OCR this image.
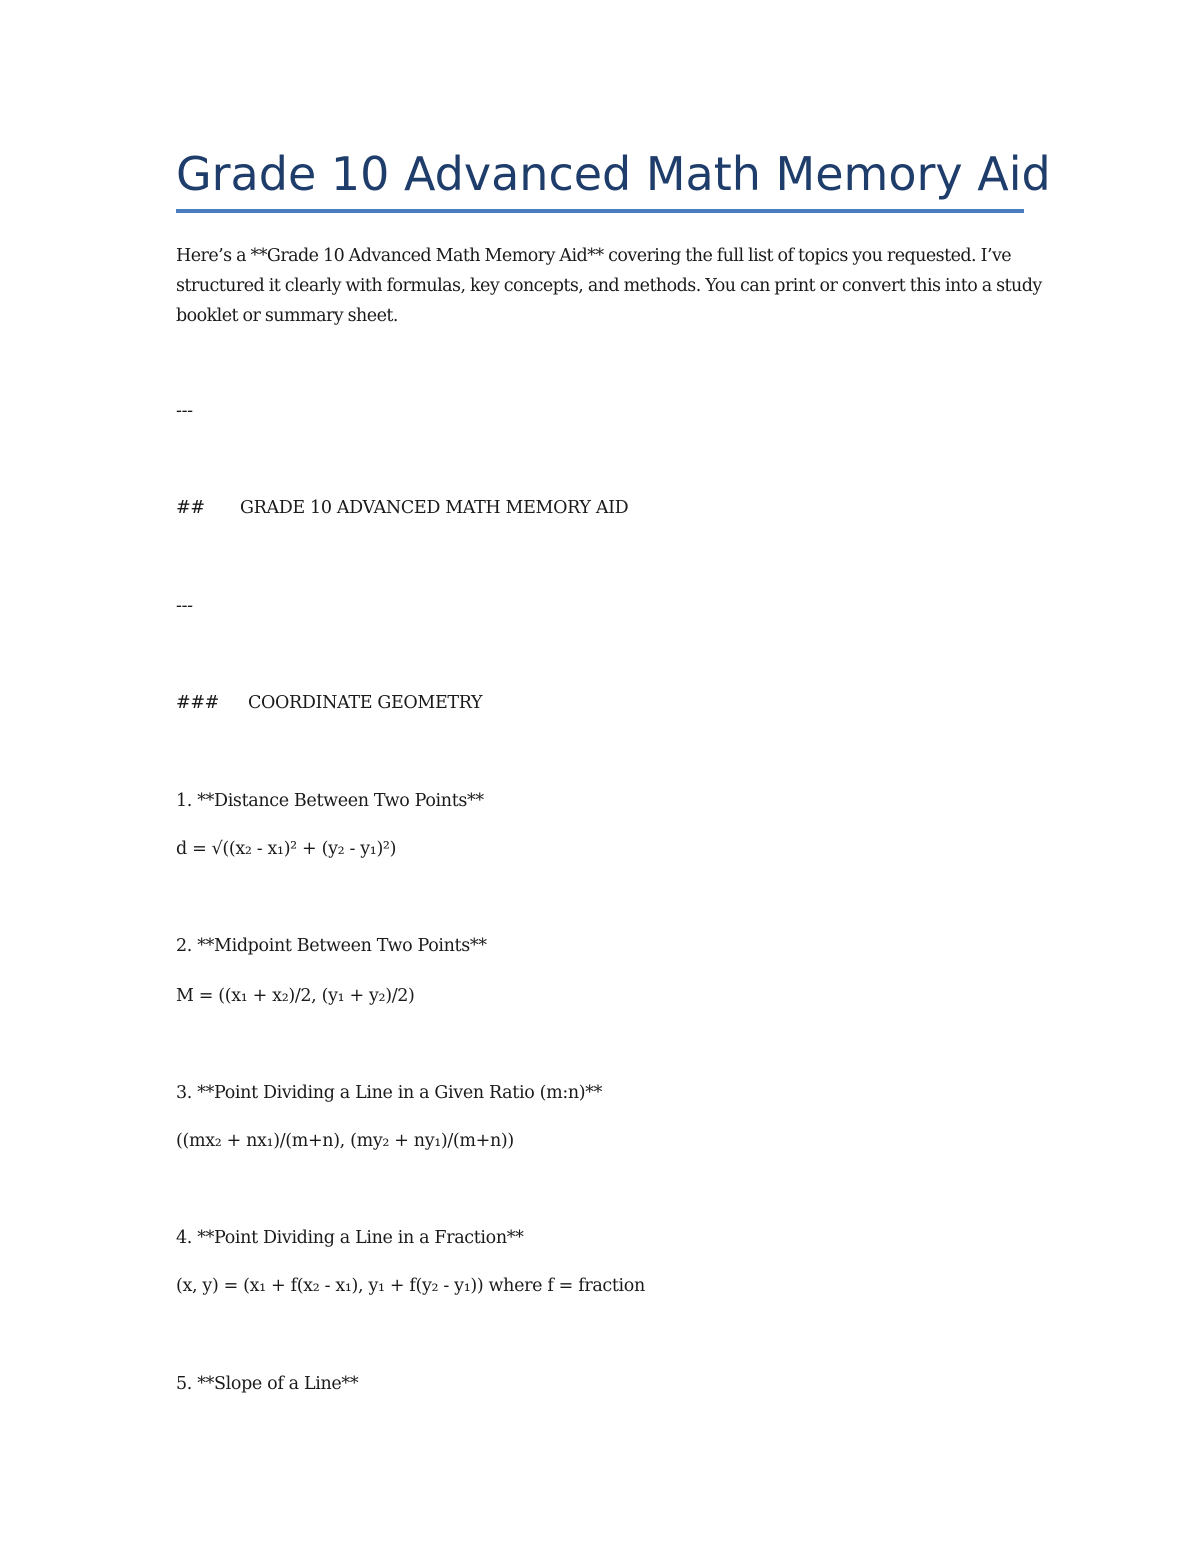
Grade 10 Advanced Math Memory Aid

Here’s a **Grade 10 Advanced Math Memory Aid** covering the full list of topics you requested. I’ve structured it clearly with formulas, key concepts, and methods. You can print or convert this into a study booklet or summary sheet.

---

## GRADE 10 ADVANCED MATH MEMORY AID

---

### COORDINATE GEOMETRY

1. **Distance Between Two Points**

d = √((x₂ - x₁)² + (y₂ - y₁)²)

2. **Midpoint Between Two Points**

M = ((x₁ + x₂)/2, (y₁ + y₂)/2)

3. **Point Dividing a Line in a Given Ratio (m:n)**

((mx₂ + nx₁)/(m+n), (my₂ + ny₁)/(m+n))

4. **Point Dividing a Line in a Fraction**

(x, y) = (x₁ + f(x₂ - x₁), y₁ + f(y₂ - y₁)) where f = fraction

5. **Slope of a Line**
